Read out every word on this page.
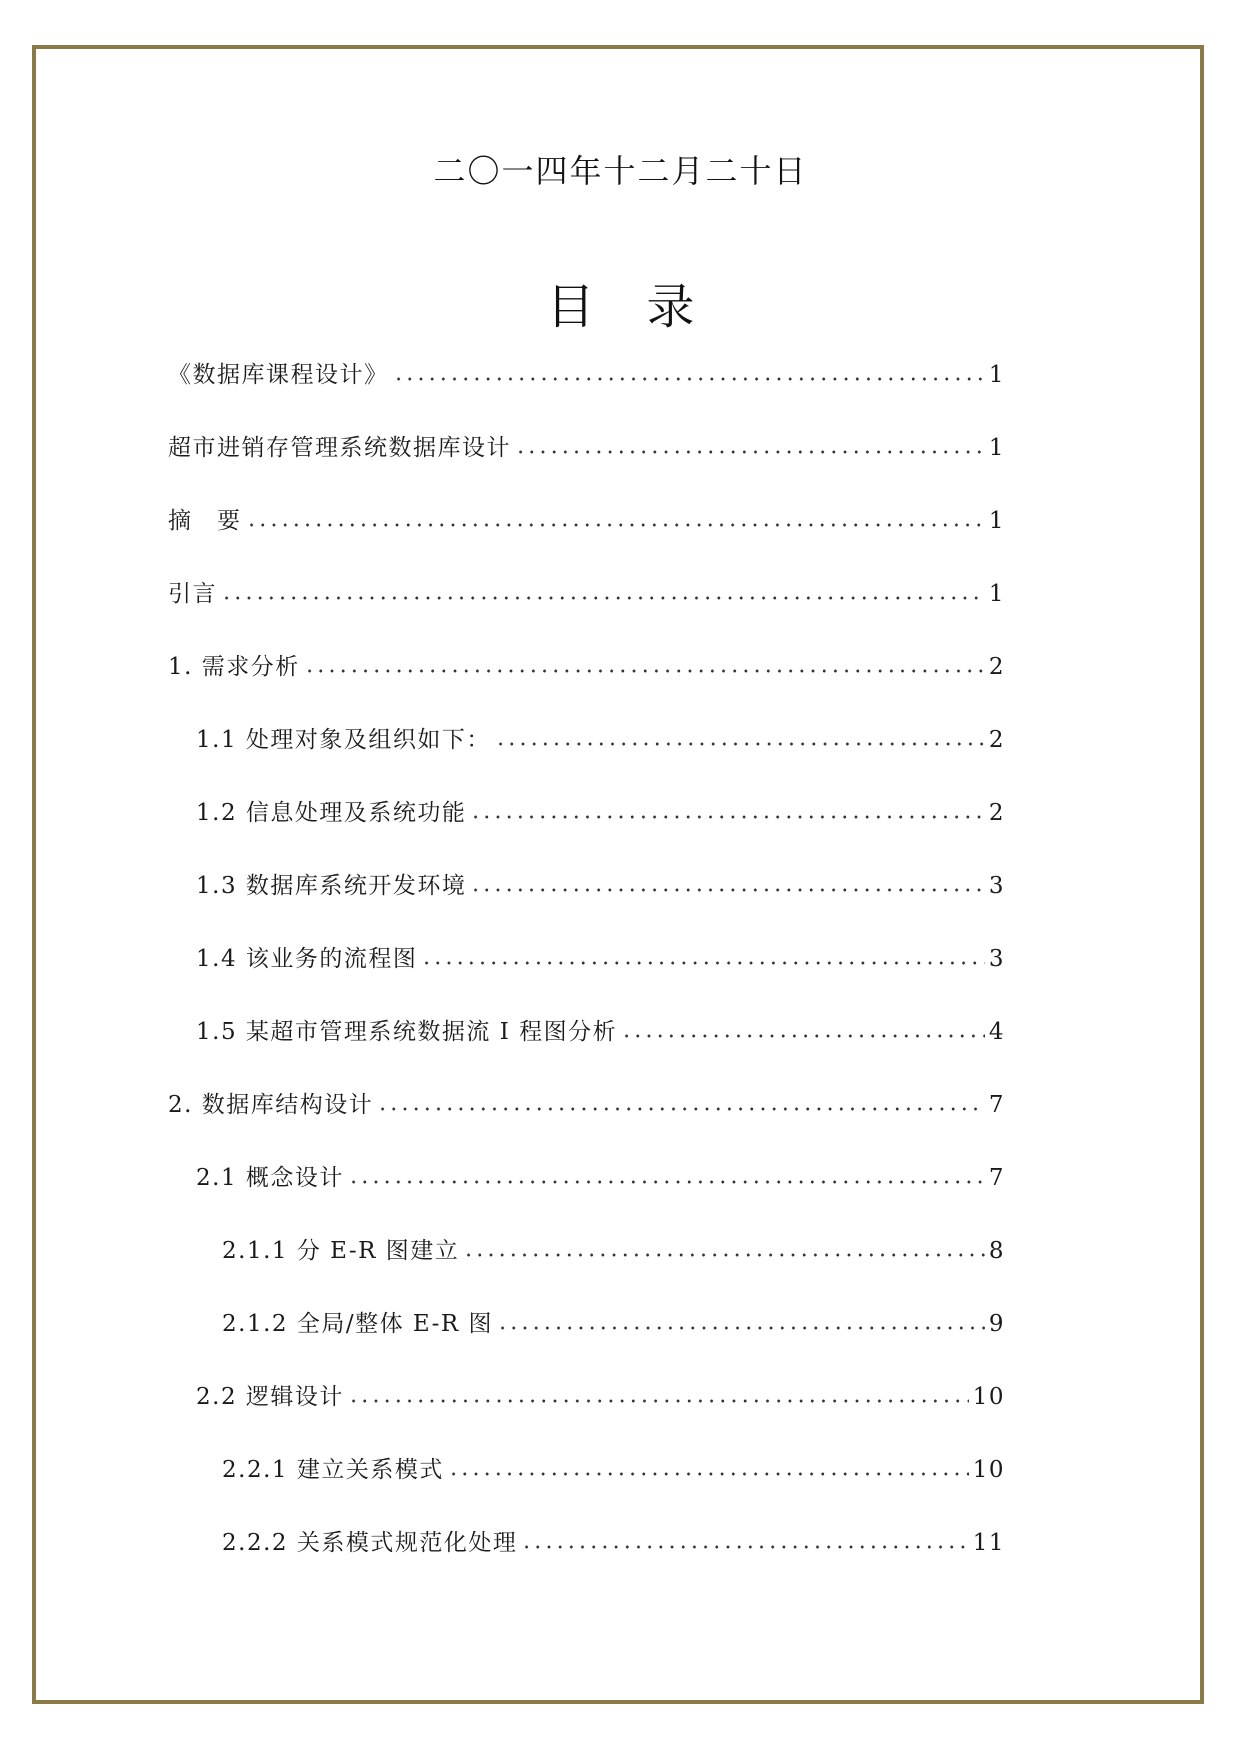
二〇一四年十二月二十日
目 录
《数据库课程设计》	1
超市进销存管理系统数据库设计	1
摘　要	1
引言	1
1. 需求分析	2
1.1 处理对象及组织如下：	2
1.2 信息处理及系统功能	2
1.3 数据库系统开发环境	3
1.4 该业务的流程图	3
1.5 某超市管理系统数据流 I 程图分析	4
2. 数据库结构设计	7
2.1 概念设计	7
2.1.1 分 E-R 图建立	8
2.1.2 全局/整体 E-R 图	9
2.2 逻辑设计	10
2.2.1 建立关系模式	10
2.2.2 关系模式规范化处理	11
